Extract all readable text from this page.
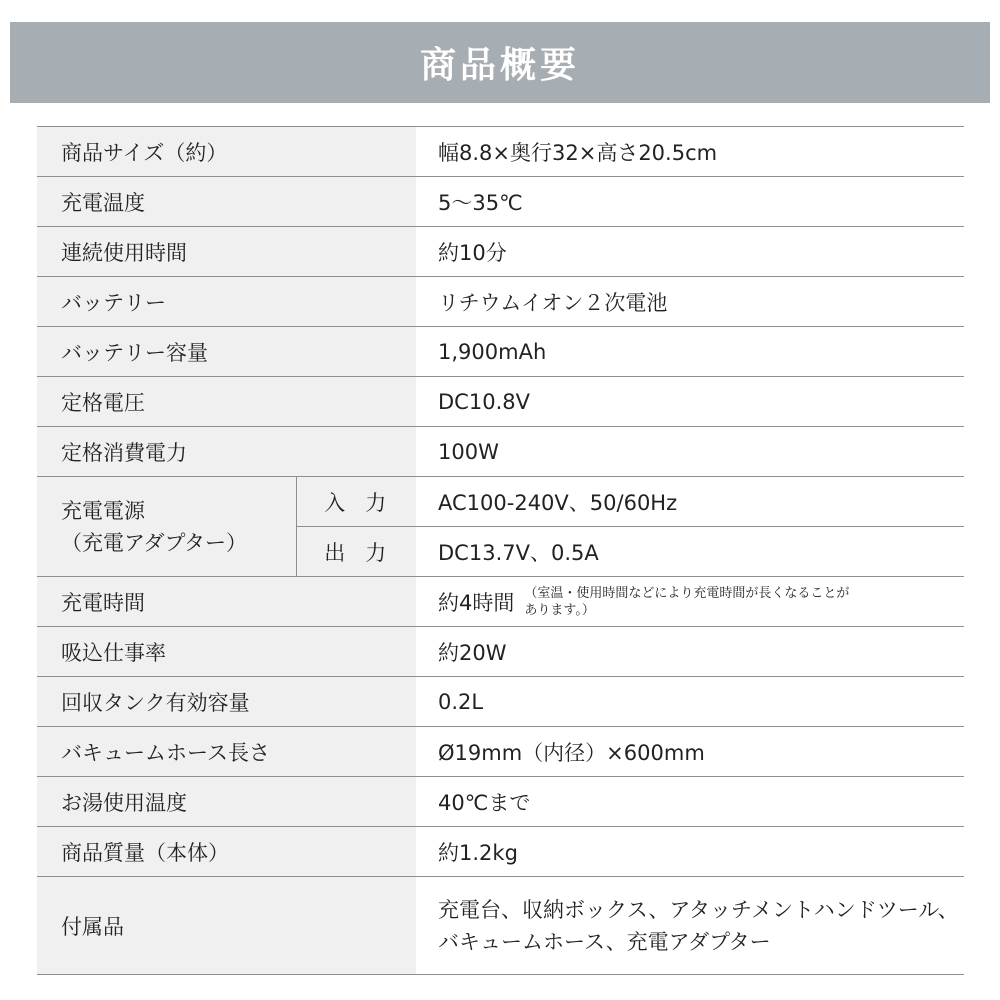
商品概要
商品サイズ（約）		幅8.8×奥行32×高さ20.5cm
充電温度		5～35℃
連続使用時間		約10分
バッテリー		リチウムイオン２次電池
バッテリー容量		1,900mAh
定格電圧		DC10.8V
定格消費電力		100W

充電電源
（充電アダプター）	入力	AC100-240V、50/60Hz
	出力	DC13.7V、0.5A
充電時間		約4時間 （室温・使用時間などにより充電時間が長くなることが
あります。）
吸込仕事率		約20W
回収タンク有効容量		0.2L
バキュームホース長さ		Ø19mm（内径）×600mm
お湯使用温度		40℃まで
商品質量（本体）		約1.2kg
付属品		充電台、収納ボックス、アタッチメントハンドツール、
バキュームホース、充電アダプター
